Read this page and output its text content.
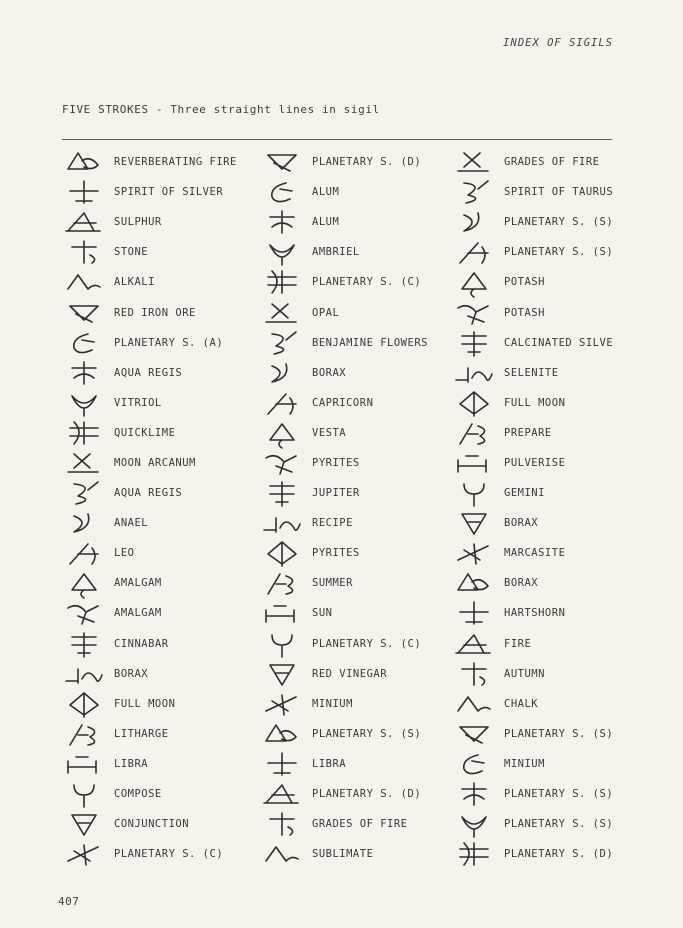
INDEX OF SIGILS
FIVE STROKES - Three straight lines in sigil
REVERBERATING FIRE
SPIRIT OF SILVER
SULPHUR
STONE
ALKALI
RED IRON ORE
PLANETARY S. (A)
AQUA REGIS
VITRIOL
QUICKLIME
MOON ARCANUM
AQUA REGIS
ANAEL
LEO
AMALGAM
AMALGAM
CINNABAR
BORAX
FULL MOON
LITHARGE
LIBRA
COMPOSE
CONJUNCTION
PLANETARY S. (C)
PLANETARY S. (D)
ALUM
ALUM
AMBRIEL
PLANETARY S. (C)
OPAL
BENJAMINE FLOWERS
BORAX
CAPRICORN
VESTA
PYRITES
JUPITER
RECIPE
PYRITES
SUMMER
SUN
PLANETARY S. (C)
RED VINEGAR
MINIUM
PLANETARY S. (S)
LIBRA
PLANETARY S. (D)
GRADES OF FIRE
SUBLIMATE
GRADES OF FIRE
SPIRIT OF TAURUS
PLANETARY S. (S)
PLANETARY S. (S)
POTASH
POTASH
CALCINATED SILVE
SELENITE
FULL MOON
PREPARE
PULVERISE
GEMINI
BORAX
MARCASITE
BORAX
HARTSHORN
FIRE
AUTUMN
CHALK
PLANETARY S. (S)
MINIUM
PLANETARY S. (S)
PLANETARY S. (S)
PLANETARY S. (D)
407
